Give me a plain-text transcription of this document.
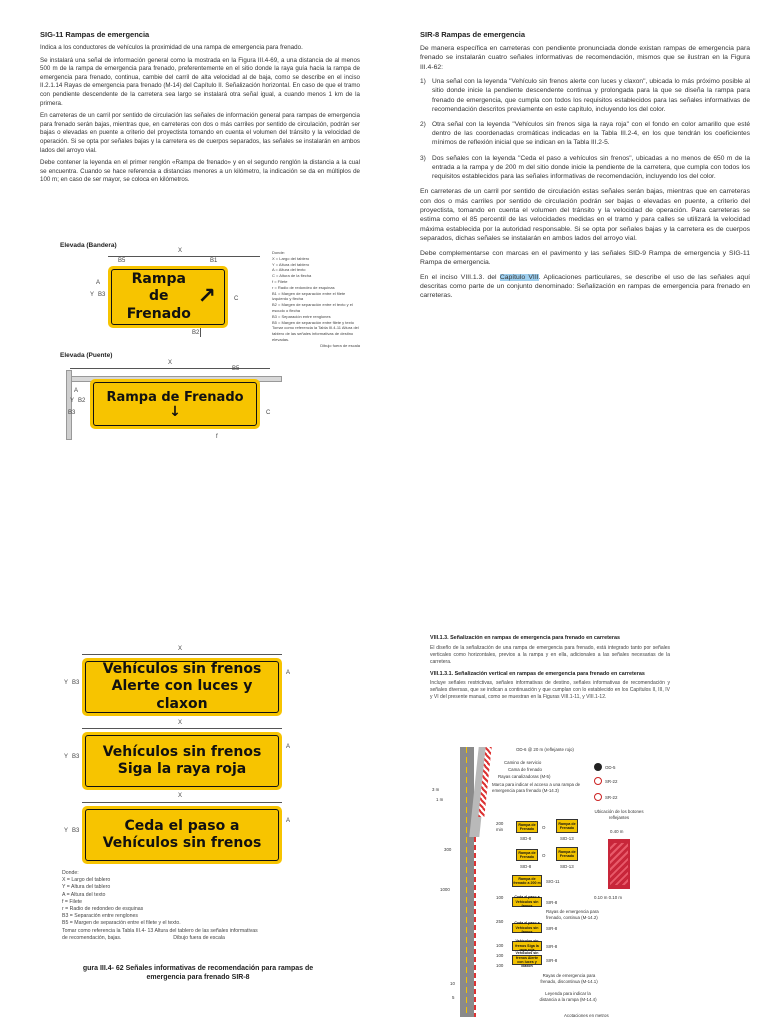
SIG-11 Rampas de emergencia
Indica a los conductores de vehículos la proximidad de una rampa de emergencia para frenado.
Se instalará una señal de información general como la mostrada en la Figura III.4-69, a una distancia de al menos 500 m de la rampa de emergencia para frenado, preferentemente en el sitio donde la raya guía hacia la rampa de emergencia para frenado, continua, cambie del carril de alta velocidad al de baja, como se describe en el inciso II.2.1.14 Rayas de emergencia para frenado (M-14) del Capítulo II. Señalización horizontal. En caso de que el tramo con pendiente descendente de la carretera sea largo se instalará otra señal igual, a cuando menos 1 km de la primera.
En carreteras de un carril por sentido de circulación las señales de información general para rampas de emergencia para frenado serán bajas, mientras que, en carreteras con dos o más carriles por sentido de circulación, podrán ser bajas o elevadas en puente a criterio del proyectista tomando en cuenta el volumen del tránsito y la velocidad de operación. Si se opta por señales bajas y la carretera es de cuerpos separados, las señales se instalarán en ambos lados del arroyo vial.
Debe contener la leyenda en el primer renglón «Rampa de frenado» y en el segundo renglón la distancia a la cual se encuentra. Cuando se hace referencia a distancias menores a un kilómetro, la indicación se da en múltiplos de 100 m; en caso de ser mayor, se coloca en kilómetros.
Elevada (Bandera)
X
B5	B1
Y B3
A
C
B2
Rampa de
Frenado
↗
Donde:
X = Largo del tablero
Y = Altura del tablero
A = Altura del texto
C = Altura de la flecha
f = Filete
r = Radio de redondeo de esquinas
B1 = Margen de separación entre el filete izquierdo y flecha
B2 = Margen de separación entre el texto y el escudo o flecha
B3 = Separación entre renglones
B5 = Margen de separación entre filete y texto
Tomar como referencia la Tabla III.4-11 Altura del tablero de las señales informativas de destino elevadas.
Dibujo fuera de escala
Elevada (Puente)
X
B5
A
Y B2
B3	C
f
Rampa de Frenado
↓
SIR-8 Rampas de emergencia
De manera específica en carreteras con pendiente pronunciada donde existan rampas de emergencia para frenado se instalarán cuatro señales informativas de recomendación, mismos que se ilustran en la Figura III.4-62:
1) Una señal con la leyenda "Vehículo sin frenos alerte con luces y claxon", ubicada lo más próximo posible al sitio donde inicie la pendiente descendente continua y prolongada para la que se diseña la rampa para frenado de emergencia, que cumpla con todos los requisitos establecidos para las señales informativas de recomendación descritos previamente en este capítulo, incluyendo los del color.
2) Otra señal con la leyenda "Vehículos sin frenos siga la raya roja" con el fondo en color amarillo que esté dentro de las coordenadas cromáticas indicadas en la Tabla III.2-4, en los que tendrán los coeficientes mínimos de reflexión inicial que se indican en la Tabla III.2-5.
3) Dos señales con la leyenda "Ceda el paso a vehículos sin frenos", ubicadas a no menos de 650 m de la entrada a la rampa y de 200 m del sitio donde inicie la pendiente de la carretera, que cumpla con todos los requisitos establecidos para las señales informativas de recomendación, incluyendo los del color.
En carreteras de un carril por sentido de circulación estas señales serán bajas, mientras que en carreteras con dos o más carriles por sentido de circulación podrán ser bajas o elevadas en puente, a criterio del proyectista, tomando en cuenta el volumen del tránsito y la velocidad de operación. Para carreteras se estima como el 85 percentil de las velocidades medidas en el tramo y para calles se utilizará la velocidad máxima establecida por la autoridad responsable. Si se opta por señales bajas y la carretera es de cuerpos separados, dichas señales se instalarán en ambos lados del arroyo vial.
Debe complementarse con marcas en el pavimento y las señales SID-9 Rampa de emergencia y SIG-11 Rampa de emergencia.
En el inciso VIII.1.3. del Capítulo VIII. Aplicaciones particulares, se describe el uso de las señales aquí descritas como parte de un conjunto denominado: Señalización en rampas de emergencia para frenado en carreteras.
X
Y B3
A
Vehículos sin frenos
Alerte con luces y claxon
X
Y B3
A
Vehículos sin frenos
Siga la raya roja
X
Y B3
A
Ceda el paso a
Vehículos sin frenos
Donde:
X = Largo del tablero
Y = Altura del tablero
A = Altura del texto
f = Filete
r = Radio de redondeo de esquinas
B3 = Separación entre renglones
B5 = Margen de separación entre el filete y el texto.
Tomar como referencia la Tabla III.4- 13 Altura del tablero de las señales informativas
de recomendación, bajas.                                    Dibujo fuera de escala
gura III.4- 62 Señales informativas de recomendación para rampas de
emergencia para frenado SIR-8
VIII.1.3. Señalización en rampas de emergencia para frenado en carreteras
El diseño de la señalización de una rampa de emergencia para frenado, está integrado tanto por señales verticales como horizontales, previos a la rampa y en ella, adicionales a las señales necesarias de la carretera.
VIII.1.3.1. Señalización vertical en rampas de emergencia para frenado en carreteras
Incluye señales restrictivas, señales informativas de destino, señales informativas de recomendación y señales diversas, que se indican a continuación y que cumplan con lo establecido en los Capítulos II, III, IV y VI del presente manual, como se muestran en la Figuras VIII.1-11, y VIII.1-12.
OD-6 @ 20 m (reflejante rojo)
Camino de servicio
Cama de frenado
Rayas canalizadoras (M-5)
Marca para indicar el acceso a una rampa de emergencia para frenado (M-14.3)
3 m
1 m
OD-5
SR-22
SR-22
Ubicación de los botones reflejantes
0.40 m
0.10 m 0.10 m
200
min
300
1000
100
250
100
100
100
10
5
Rampa de Frenado	O
Rampa de Frenado
SID-8	SID-13
Rampa de Frenado	O
Rampa de Frenado
SID-8	SID-13
Rampa de frenado a 200 m SIG-11
Ceda el paso a Vehículos sin frenos
SIR-8
Rayas de emergencia para frenado, continua (M-14.2)
Ceda el paso a Vehículos sin frenos
SIR-8
Vehículos sin frenos Siga la raya roja
SIR-8
Vehículos sin frenos Alerte con luces y claxon
SIR-8
Rayas de emergencia para frenado, discontinua (M-14.1)
Leyenda para indicar la distancia a la rampa (M-14.4)
Acotaciones en metros
